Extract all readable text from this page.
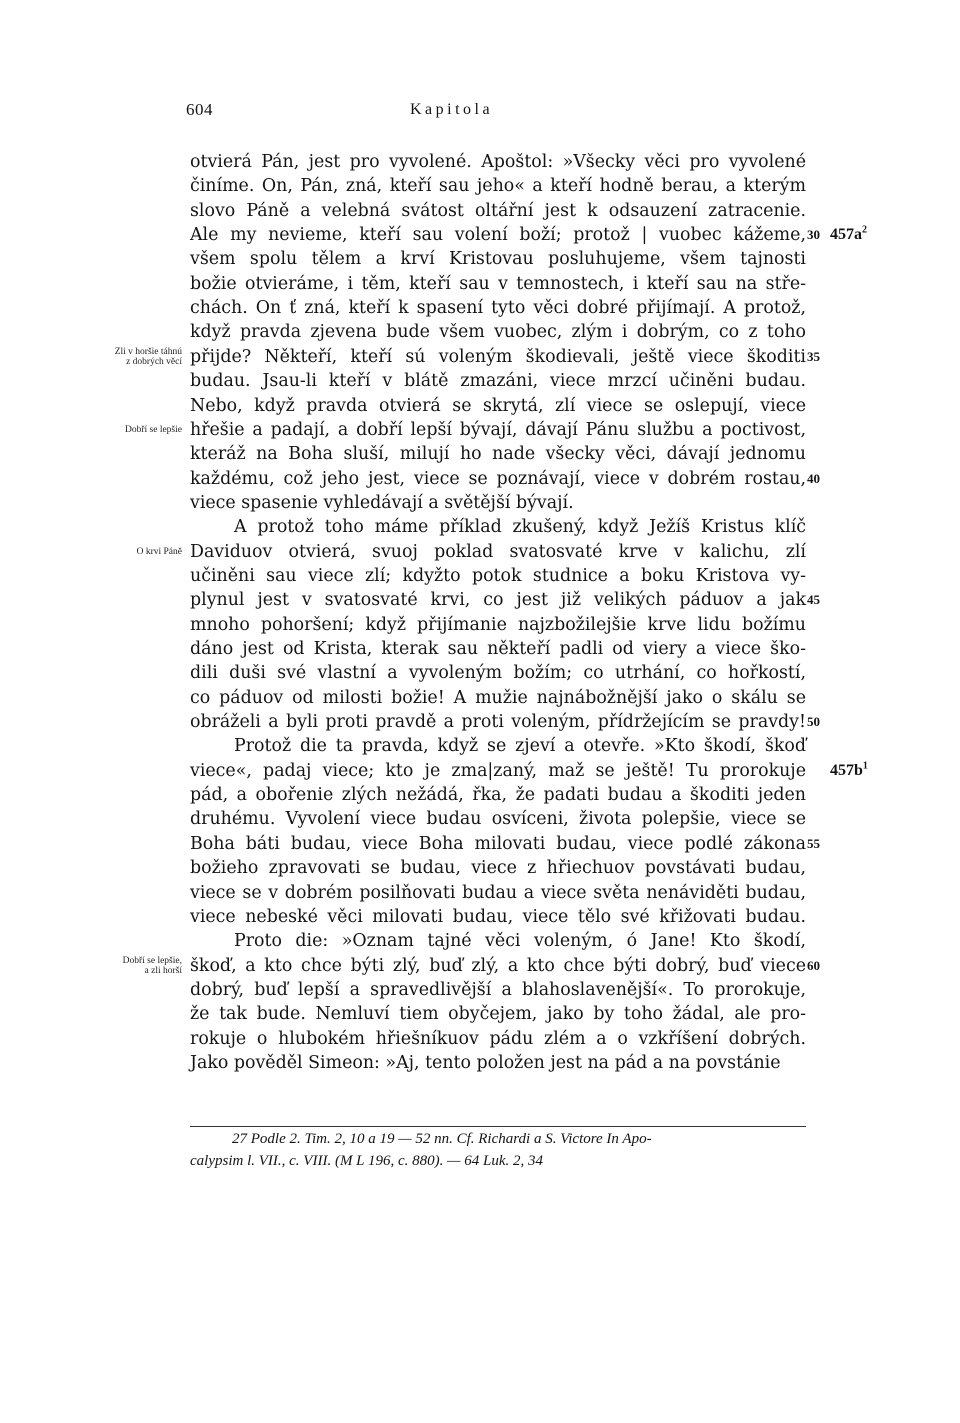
604	Kapitola
otvierá Pán, jest pro vyvolené. Apoštol: »Všecky věci pro vyvolené
činíme. On, Pán, zná, kteří sau jeho« a kteří hodně berau, a kterým
slovo Páně a velebná svátost oltářní jest k odsauzení zatracenie.
Ale my nevieme, kteří sau volení boží; protož | vuobec kážeme,
všem spolu tělem a krví Kristovau posluhujeme, všem tajnosti
božie otvieráme, i těm, kteří sau v temnostech, i kteří sau na stře-
chách. On ť zná, kteří k spasení tyto věci dobré přijímají. A protož,
když pravda zjevena bude všem vuobec, zlým i dobrým, co z toho
přijde? Někteří, kteří sú voleným škodievali, ještě viece škoditi
budau. Jsau-li kteří v blátě zmazáni, viece mrzcí učiněni budau.
Nebo, když pravda otvierá se skrytá, zlí viece se oslepují, viece
hřešie a padají, a dobří lepší bývají, dávají Pánu službu a poctivost,
kteráž na Boha sluší, milují ho nade všecky věci, dávají jednomu
každému, což jeho jest, viece se poznávají, viece v dobrém rostau,
viece spasenie vyhledávají a světější bývají.
A protož toho máme příklad zkušený, když Ježíš Kristus klíč
Daviduov otvierá, svuoj poklad svatosvaté krve v kalichu, zlí
učiněni sau viece zlí; kdyžto potok studnice a boku Kristova vy-
plynul jest v svatosvaté krvi, co jest již velikých páduov a jak
mnoho pohoršení; když přijímanie najzbožilejšie krve lidu božímu
dáno jest od Krista, kterak sau někteří padli od viery a viece ško-
dili duši své vlastní a vyvoleným božím; co utrhání, co hořkostí,
co páduov od milosti božie! A mužie najnábožnější jako o skálu se
obráželi a byli proti pravdě a proti voleným, přídržejícím se pravdy!
Protož die ta pravda, když se zjeví a otevře. »Kto škodí, škoď
viece«, padaj viece; kto je zma|zaný, maž se ještě! Tu prorokuje
pád, a obořenie zlých nežádá, řka, že padati budau a škoditi jeden
druhému. Vyvolení viece budau osvíceni, života polepšie, viece se
Boha báti budau, viece Boha milovati budau, viece podlé zákona
božieho zpravovati se budau, viece z hřiechuov povstávati budau,
viece se v dobrém posilňovati budau a viece světa nenáviděti budau,
viece nebeské věci milovati budau, viece tělo své křižovati budau.
Proto die: »Oznam tajné věci voleným, ó Jane! Kto škodí,
škoď, a kto chce býti zlý, buď zlý, a kto chce býti dobrý, buď viece
dobrý, buď lepší a spravedlivější a blahoslavenější«. To prorokuje,
že tak bude. Nemluví tiem obyčejem, jako by toho žádal, ale pro-
rokuje o hlubokém hřiešníkuov pádu zlém a o vzkříšení dobrých.
Jako pověděl Simeon: »Aj, tento položen jest na pád a na povstánie
30
35
40
45
50
55
60
$457a^2$
$457b^1$
Zli v horšie táhnú
z dobrých věcí
Dobří se lepšie
O krvi Páně
Dobří se lepšie,
a zli horší
27 Podle 2. Tim. 2, 10 a 19 — 52 nn. Cf. Richardi a S. Victore In Apo-
calypsim l. VII., c. VIII. (M L 196, c. 880). — 64 Luk. 2, 34
